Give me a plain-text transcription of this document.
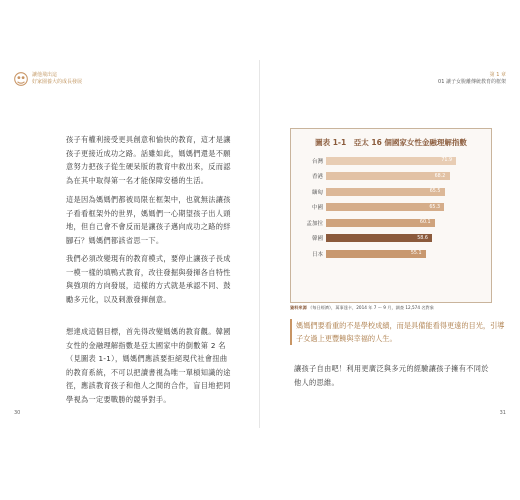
讓他飛出這
好家園養大的成長發展
孩子有權利接受更具創意和愉快的教育，這才是讓孩子更接近成功之路。話雖如此，媽媽們還是不願意努力把孩子從生硬呆版的教育中救出來，反而認為在其中取得第一名才能保障安穩的生活。
這是因為媽媽們都被局限在框架中，也就無法讓孩子看看框架外的世界，媽媽們一心期望孩子出人頭地，但自己會不會反而是讓孩子邁向成功之路的絆腳石？媽媽們都該省思一下。
我們必須改變現有的教育模式，要停止讓孩子長成一模一樣的填鴨式教育，改往發掘與發揮各自特性與強項的方向發展，這樣的方式就是承認不同、鼓勵多元化，以及刺激發揮創意。
想達成這個目標，首先得改變媽媽的教育觀。韓國女性的金融理解指數是亞太國家中的倒數第 2 名（見圖表 1-1），媽媽們應該要拒絕現代社會扭曲的教育系統，不可以把讀書視為唯一單槓知識的途徑，應該教育孩子和他人之間的合作，盲目地把同學視為一定要戰勝的競爭對手。
30
第 1 章
01 讓子女脫離傳統教育的框架
圖表 1-1　亞太 16 個國家女性金融理解指數
台灣	71.9
香港	68.2
緬甸	65.5
中國	65.3
孟加拉	60.1
韓國	58.6
日本	55.1
資料來源 《每日經濟》，萬事達卡，2014 年 7 ～ 9 月，調查 12,574 名對象
媽媽們要看重的不是學校成績，而是具備能看得更遠的目光，引導子女過上更豐饒與幸福的人生。
讓孩子自由吧！利用更廣泛與多元的經驗讓孩子擁有不同於他人的思維。
31
